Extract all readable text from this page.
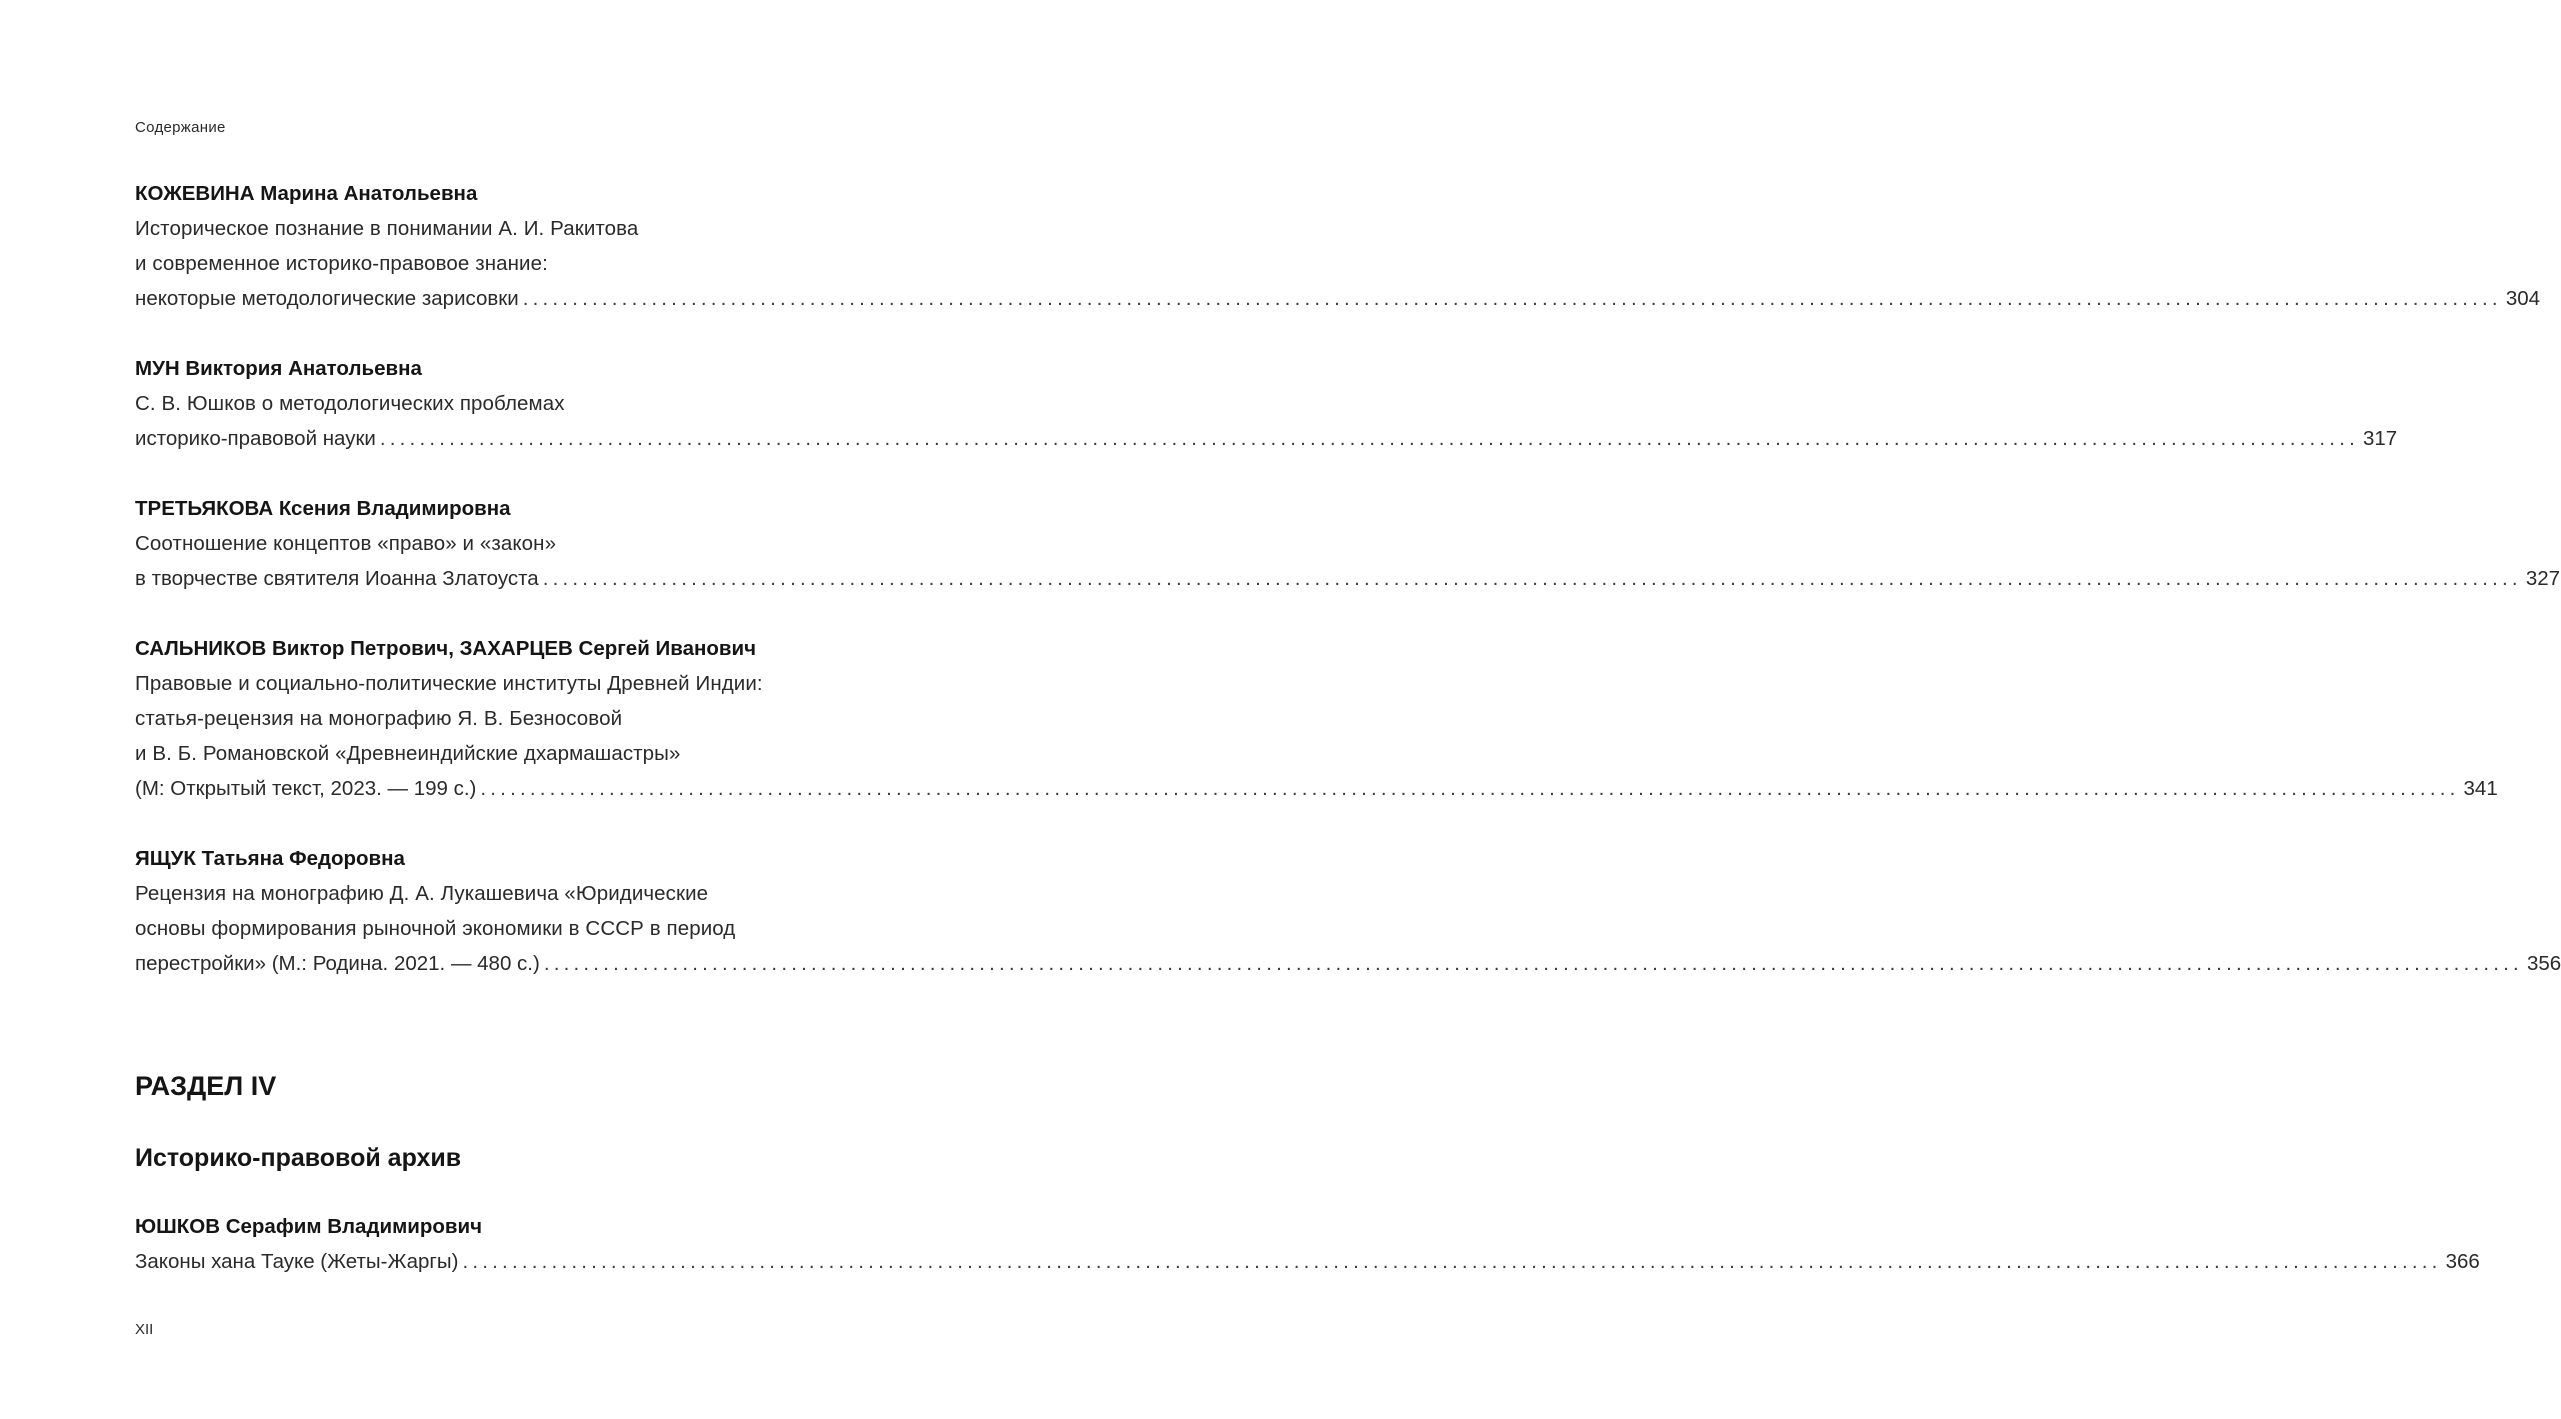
Содержание
КОЖЕВИНА Марина Анатольевна
Историческое познание в понимании А. И. Ракитова
и современное историко-правовое знание:
некоторые методологические зарисовки ........................................................................................................................................................................................................ 304
МУН Виктория Анатольевна
С. В. Юшков о методологических проблемах
историко-правовой науки ........................................................................................................................................................................................................ 317
ТРЕТЬЯКОВА Ксения Владимировна
Соотношение концептов «право» и «закон»
в творчестве святителя Иоанна Златоуста ........................................................................................................................................................................................................ 327
САЛЬНИКОВ Виктор Петрович, ЗАХАРЦЕВ Сергей Иванович
Правовые и социально-политические институты Древней Индии:
статья-рецензия на монографию Я. В. Безносовой
и В. Б. Романовской «Древнеиндийские дхармашастры»
(М: Открытый текст, 2023. — 199 с.) ........................................................................................................................................................................................................ 341
ЯЩУК Татьяна Федоровна
Рецензия на монографию Д. А. Лукашевича «Юридические
основы формирования рыночной экономики в СССР в период
перестройки» (М.: Родина. 2021. — 480 с.) ........................................................................................................................................................................................................ 356
РАЗДЕЛ IV
Историко-правовой архив
ЮШКОВ Серафим Владимирович
Законы хана Тауке (Жеты-Жаргы) ........................................................................................................................................................................................................ 366
XII
